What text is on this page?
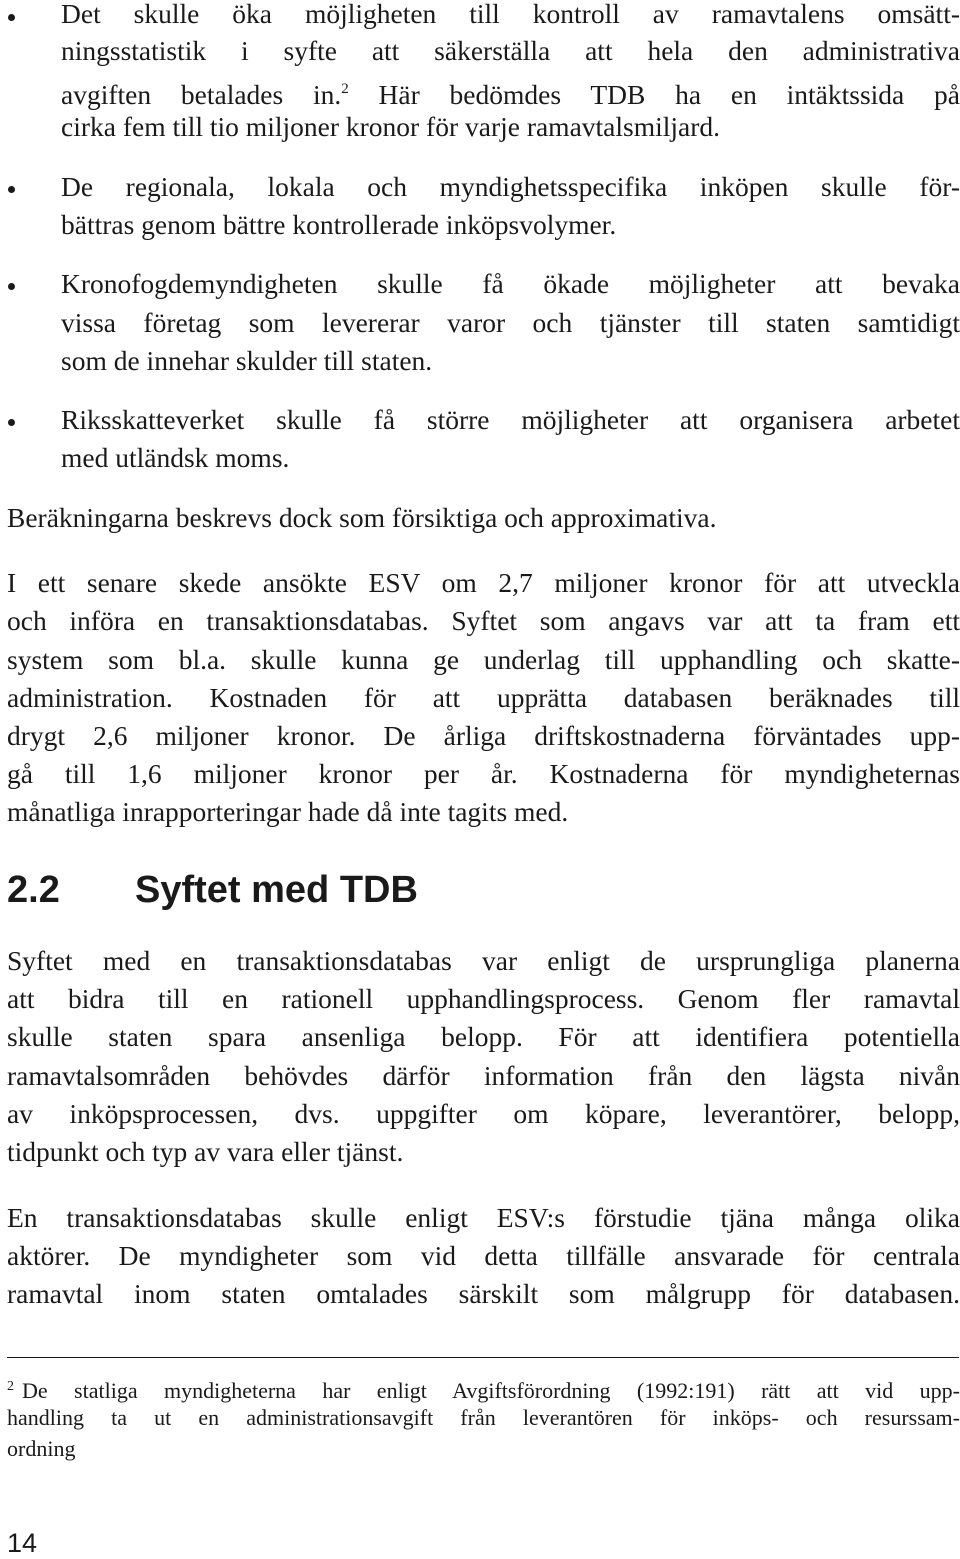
Det skulle öka möjligheten till kontroll av ramavtalens omsätt-
ningsstatistik i syfte att säkerställa att hela den administrativa
avgiften betalades in.$^2$ Här bedömdes TDB ha en intäktssida på
cirka fem till tio miljoner kronor för varje ramavtalsmiljard.
De regionala, lokala och myndighetsspecifika inköpen skulle för-
bättras genom bättre kontrollerade inköpsvolymer.
Kronofogdemyndigheten skulle få ökade möjligheter att bevaka
vissa företag som levererar varor och tjänster till staten samtidigt
som de innehar skulder till staten.
Riksskatteverket skulle få större möjligheter att organisera arbetet
med utländsk moms.
Beräkningarna beskrevs dock som försiktiga och approximativa.
I ett senare skede ansökte ESV om 2,7 miljoner kronor för att utveckla
och införa en transaktionsdatabas. Syftet som angavs var att ta fram ett
system som bl.a. skulle kunna ge underlag till upphandling och skatte-
administration. Kostnaden för att upprätta databasen beräknades till
drygt 2,6 miljoner kronor. De årliga driftskostnaderna förväntades upp-
gå till 1,6 miljoner kronor per år. Kostnaderna för myndigheternas
månatliga inrapporteringar hade då inte tagits med.
2.2 Syftet med TDB
Syftet med en transaktionsdatabas var enligt de ursprungliga planerna
att bidra till en rationell upphandlingsprocess. Genom fler ramavtal
skulle staten spara ansenliga belopp. För att identifiera potentiella
ramavtalsområden behövdes därför information från den lägsta nivån
av inköpsprocessen, dvs. uppgifter om köpare, leverantörer, belopp,
tidpunkt och typ av vara eller tjänst.
En transaktionsdatabas skulle enligt ESV:s förstudie tjäna många olika
aktörer. De myndigheter som vid detta tillfälle ansvarade för centrala
ramavtal inom staten omtalades särskilt som målgrupp för databasen.
$^2$ De statliga myndigheterna har enligt Avgiftsförordning (1992:191) rätt att vid upp-
handling ta ut en administrationsavgift från leverantören för inköps- och resurssam-
ordning
14
